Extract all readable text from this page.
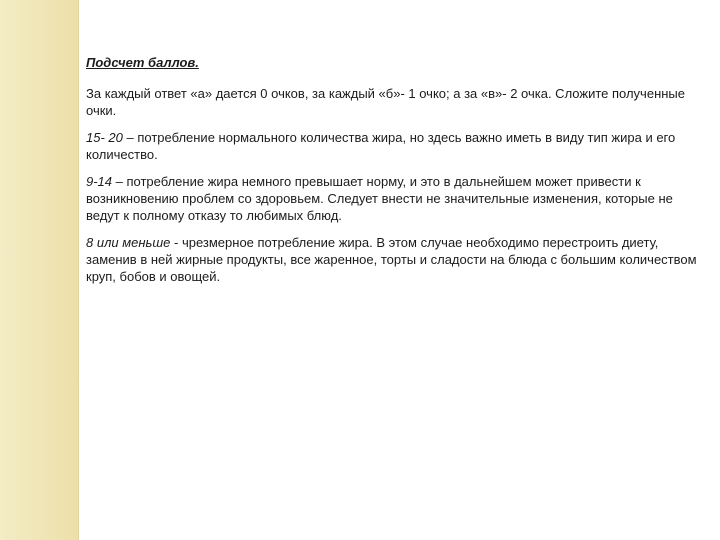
Подсчет баллов.

За каждый ответ «а» дается 0 очков, за каждый «б»- 1 очко; а за «в»- 2 очка. Сложите полученные очки.

15- 20 – потребление нормального количества жира, но здесь важно иметь в виду тип жира и его количество.

9-14 – потребление жира немного превышает норму, и это в дальнейшем может привести к возникновению проблем со здоровьем. Следует внести не значительные изменения, которые не ведут к полному отказу то любимых блюд.

8 или меньше - чрезмерное потребление жира. В этом случае необходимо перестроить диету, заменив в ней жирные продукты, все жаренное, торты и сладости на блюда с большим количеством круп, бобов и овощей.
